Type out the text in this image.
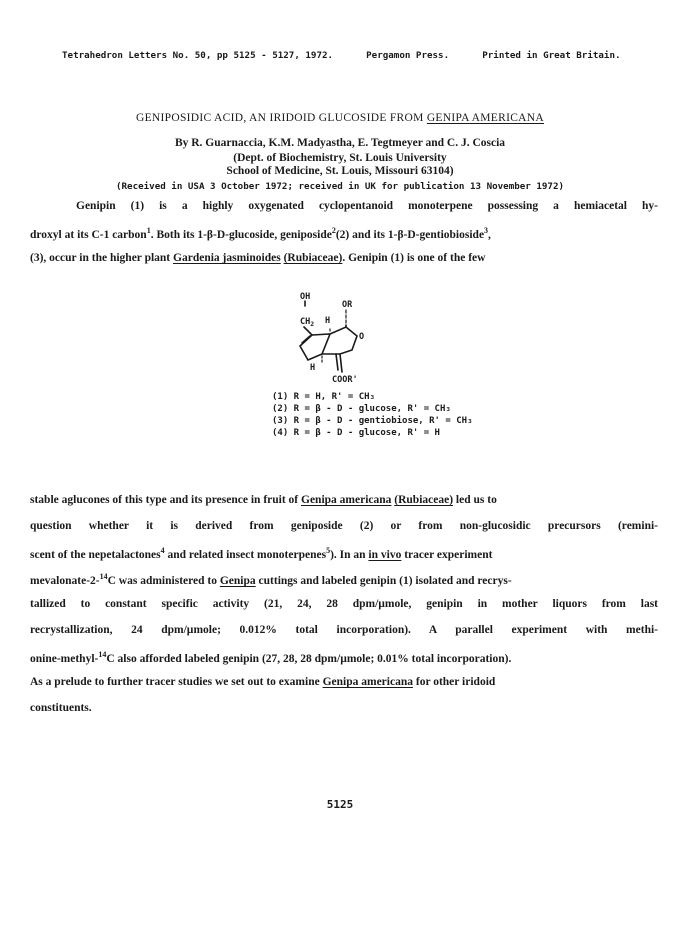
Tetrahedron Letters No. 50, pp 5125 - 5127, 1972.	Pergamon Press.	Printed in Great Britain.
GENIPOSIDIC ACID, AN IRIDOID GLUCOSIDE FROM GENIPA AMERICANA
By R. Guarnaccia, K.M. Madyastha, E. Tegtmeyer and C. J. Coscia
(Dept. of Biochemistry, St. Louis University
School of Medicine, St. Louis, Missouri 63104)
(Received in USA 3 October 1972; received in UK for publication 13 November 1972)
Genipin (1) is a highly oxygenated cyclopentanoid monoterpene possessing a hemiacetal hy-
droxyl at its C-1 carbon$^1$. Both its 1-β-D-glucoside, geniposide$^2$(2) and its 1-β-D-gentiobioside$^3$,
(3), occur in the higher plant Gardenia jasminoides (Rubiaceae). Genipin (1) is one of the few
OH
OR
$CH_2$ H
O
H
COOR'
(1) R = H, R' = CH₃
(2) R = β - D - glucose, R' = CH₃
(3) R = β - D - gentiobiose, R' = CH₃
(4) R = β - D - glucose, R' = H
stable aglucones of this type and its presence in fruit of Genipa americana (Rubiaceae) led us to
question whether it is derived from geniposide (2) or from non-glucosidic precursors (remini-
scent of the nepetalactones$^4$ and related insect monoterpenes$^5$). In an in vivo tracer experiment
mevalonate-2-$^{14}$C was administered to Genipa cuttings and labeled genipin (1) isolated and recrys-
tallized to constant specific activity (21, 24, 28 dpm/µmole, genipin in mother liquors from last
recrystallization, 24 dpm/µmole; 0.012% total incorporation). A parallel experiment with methi-
onine-methyl-$^{14}$C also afforded labeled genipin (27, 28, 28 dpm/µmole; 0.01% total incorporation).
As a prelude to further tracer studies we set out to examine Genipa americana for other iridoid
constituents.
5125
